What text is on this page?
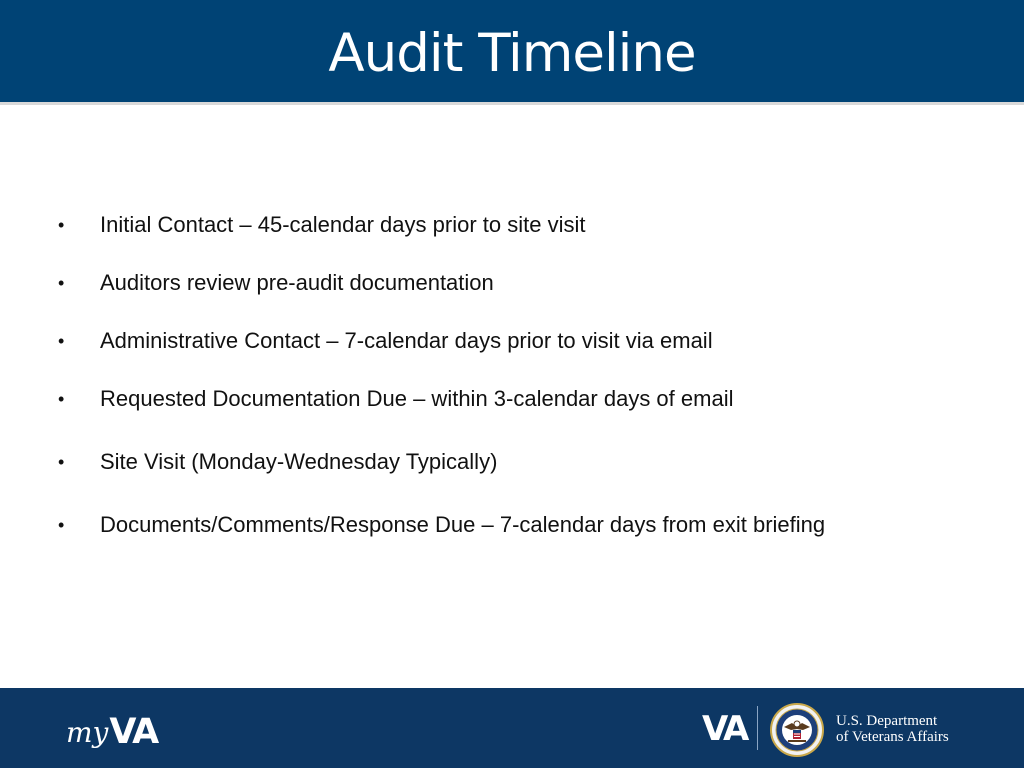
Audit Timeline
• Initial Contact – 45-calendar days prior to site visit
• Auditors review pre-audit documentation
• Administrative Contact – 7-calendar days prior to visit via email
• Requested Documentation Due – within 3-calendar days of email
• Site Visit (Monday-Wednesday Typically)
• Documents/Comments/Response Due – 7-calendar days from exit briefing
my VA	VA	U.S. Department
of Veterans Affairs
